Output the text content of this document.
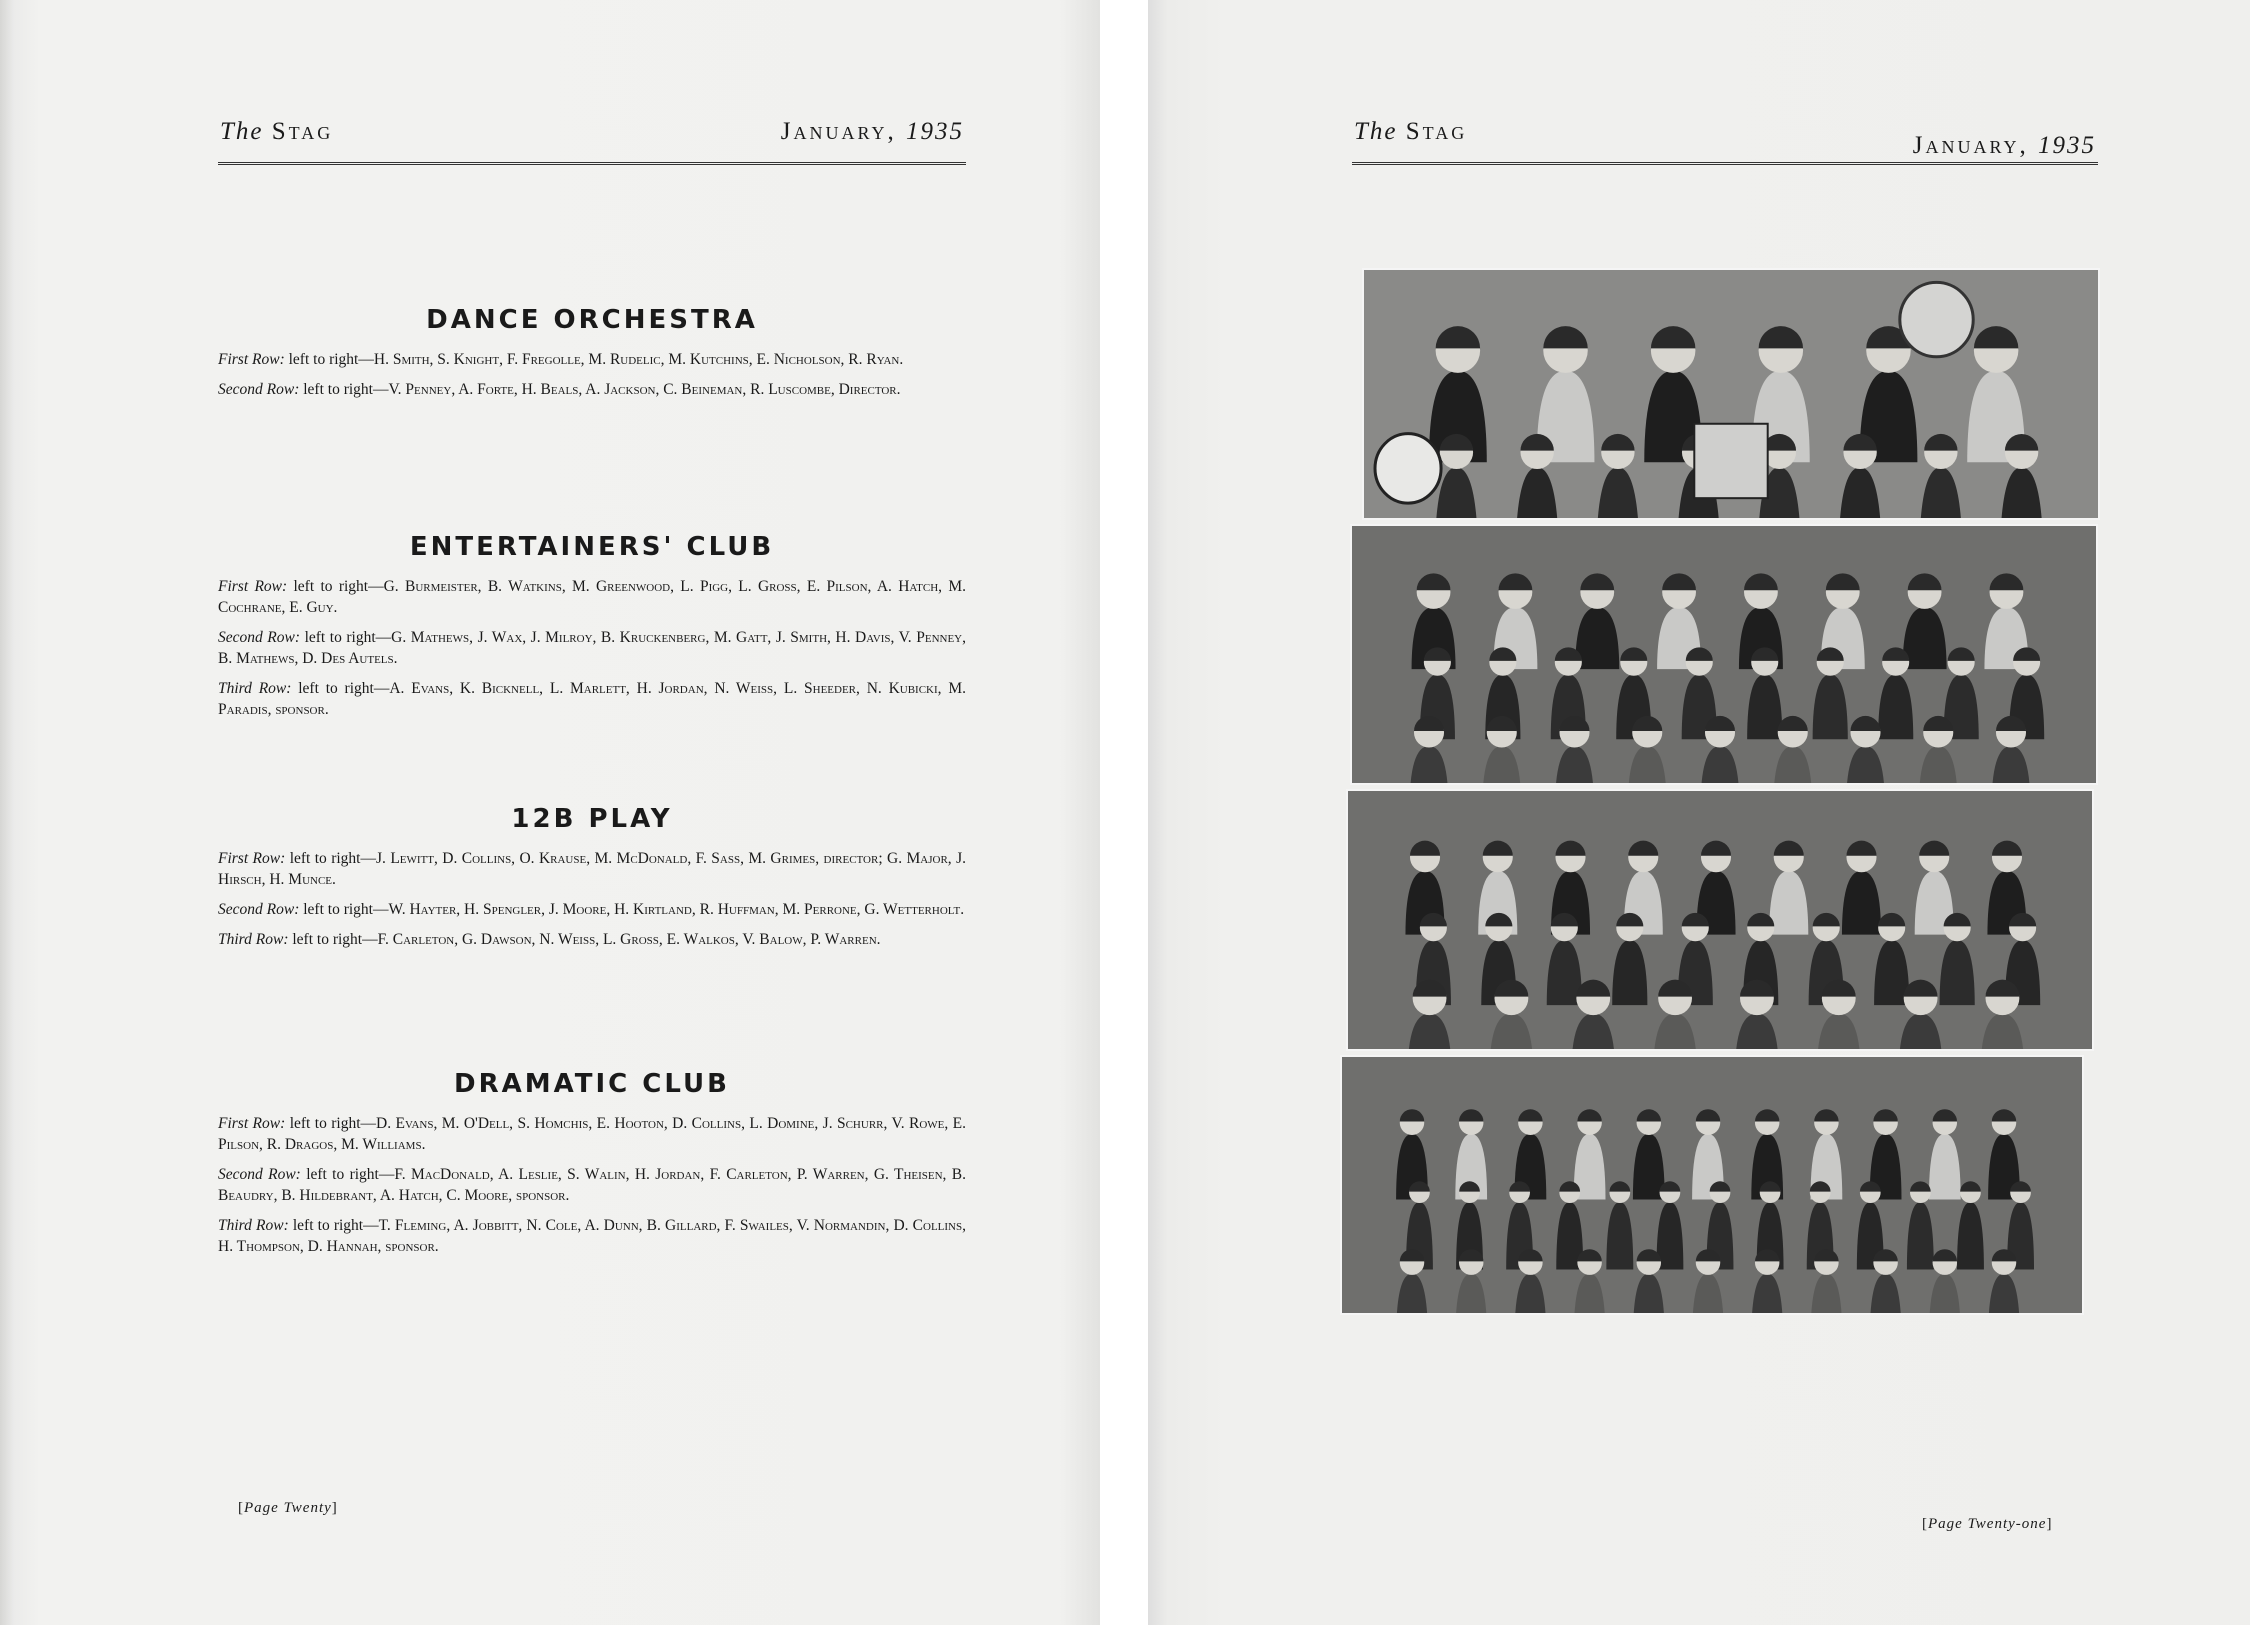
The Stag	January, 1935
DANCE ORCHESTRA

First Row: left to right—H. Smith, S. Knight, F. Fregolle, M. Rudelic, M. Kutchins, E. Nicholson, R. Ryan.

Second Row: left to right—V. Penney, A. Forte, H. Beals, A. Jackson, C. Beineman, R. Luscombe, Director.

ENTERTAINERS' CLUB

First Row: left to right—G. Burmeister, B. Watkins, M. Greenwood, L. Pigg, L. Gross, E. Pilson, A. Hatch, M. Cochrane, E. Guy.

Second Row: left to right—G. Mathews, J. Wax, J. Milroy, B. Kruckenberg, M. Gatt, J. Smith, H. Davis, V. Penney, B. Mathews, D. Des Autels.

Third Row: left to right—A. Evans, K. Bicknell, L. Marlett, H. Jordan, N. Weiss, L. Sheeder, N. Kubicki, M. Paradis, sponsor.

12B PLAY

First Row: left to right—J. Lewitt, D. Collins, O. Krause, M. McDonald, F. Sass, M. Grimes, director; G. Major, J. Hirsch, H. Munce.

Second Row: left to right—W. Hayter, H. Spengler, J. Moore, H. Kirtland, R. Huffman, M. Perrone, G. Wetterholt.

Third Row: left to right—F. Carleton, G. Dawson, N. Weiss, L. Gross, E. Walkos, V. Balow, P. Warren.

DRAMATIC CLUB

First Row: left to right—D. Evans, M. O'Dell, S. Homchis, E. Hooton, D. Collins, L. Domine, J. Schurr, V. Rowe, E. Pilson, R. Dragos, M. Williams.

Second Row: left to right—F. MacDonald, A. Leslie, S. Walin, H. Jordan, F. Carleton, P. Warren, G. Theisen, B. Beaudry, B. Hildebrant, A. Hatch, C. Moore, sponsor.

Third Row: left to right—T. Fleming, A. Jobbitt, N. Cole, A. Dunn, B. Gillard, F. Swailes, V. Normandin, D. Collins, H. Thompson, D. Hannah, sponsor.

[Page Twenty]
The Stag
January, 1935
[Page Twenty-one]
